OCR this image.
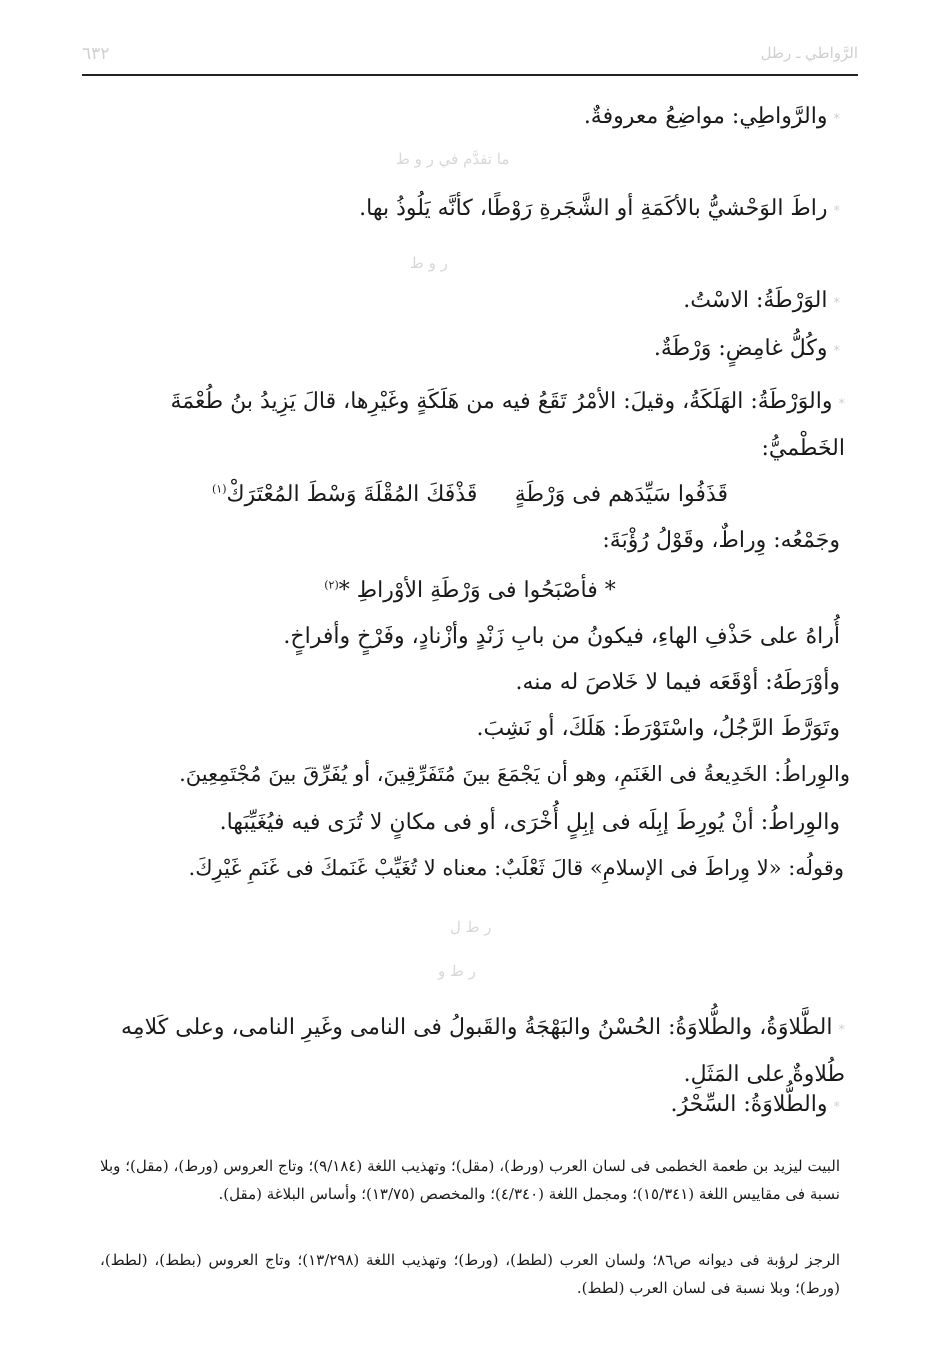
الرَّواطي ـ رطل
٦٣٢
*والرَّواطِي: مواضِعُ معروفةٌ.
ما تقدَّم في ر و ط
*راطَ الوَحْشيُّ بالأكَمَةِ أو الشَّجَرةِ رَوْطًا، كأنَّه يَلُوذُ بها.
ر و ط
*الوَرْطَةُ: الاسْتُ.
*وكُلُّ غامِضٍ: وَرْطَةٌ.
*والوَرْطَةُ: الهَلَكَةُ، وقيلَ: الأمْرُ تَقَعُ فيه من هَلَكَةٍ وغَيْرِها، قالَ يَزِيدُ بنُ طُعْمَةَ الخَطْميُّ:
قَذَفُوا سَيِّدَهم فى وَرْطَةٍ
قَذْفَكَ المُقْلَةَ وَسْطَ المُعْتَرَكْ$^{(١)}$
وجَمْعُه: وِراطٌ، وقَوْلُ رُؤْبَةَ:
* فأصْبَحُوا فى وَرْطَةِ الأوْراطِ *$^{(٢)}$
أُراهُ على حَذْفِ الهاءِ، فيكونُ من بابِ زَنْدٍ وأزْنادٍ، وفَرْخٍ وأفراخٍ.
وأوْرَطَهُ: أوْقَعَه فيما لا خَلاصَ له منه.
وتَوَرَّطَ الرَّجُلُ، واسْتَوْرَطَ: هَلَكَ، أو نَشِبَ.
والوِراطُ: الخَدِيعةُ فى الغَنَمِ، وهو أن يَجْمَعَ بينَ مُتَفَرِّقِينَ، أو يُفَرِّقَ بينَ مُجْتَمِعِينَ.
والوِراطُ: أنْ يُورِطَ إبِلَه فى إبِلٍ أُخْرَى، أو فى مكانٍ لا تُرَى فيه فيُغَيِّبَها.
وقولُه: «لا وِراطَ فى الإسلامِ» قالَ ثَعْلَبٌ: معناه لا تُغَيِّبْ غَنَمكَ فى غَنَمِ غَيْرِكَ.
ر ط ل
ر ط و
*الطَّلاوَةُ، والطُّلاوَةُ: الحُسْنُ والبَهْجَةُ والقَبولُ فى النامى وغَيرِ النامى، وعلى كَلامِه طُلاوةٌ على المَثَلِ.
*والطُّلاوَةُ: السِّحْرُ.
البيت ليزيد بن طعمة الخطمى فى لسان العرب (ورط)، (مقل)؛ وتهذيب اللغة (٩/١٨٤)؛ وتاج العروس (ورط)، (مقل)؛ وبلا نسبة فى مقاييس اللغة (١٥/٣٤١)؛ ومجمل اللغة (٤/٣٤٠)؛ والمخصص (١٣/٧٥)؛ وأساس البلاغة (مقل).
الرجز لرؤبة فى ديوانه ص٨٦؛ ولسان العرب (لطط)، (ورط)؛ وتهذيب اللغة (١٣/٢٩٨)؛ وتاج العروس (بطط)، (لطط)، (ورط)؛ وبلا نسبة فى لسان العرب (لطط).
